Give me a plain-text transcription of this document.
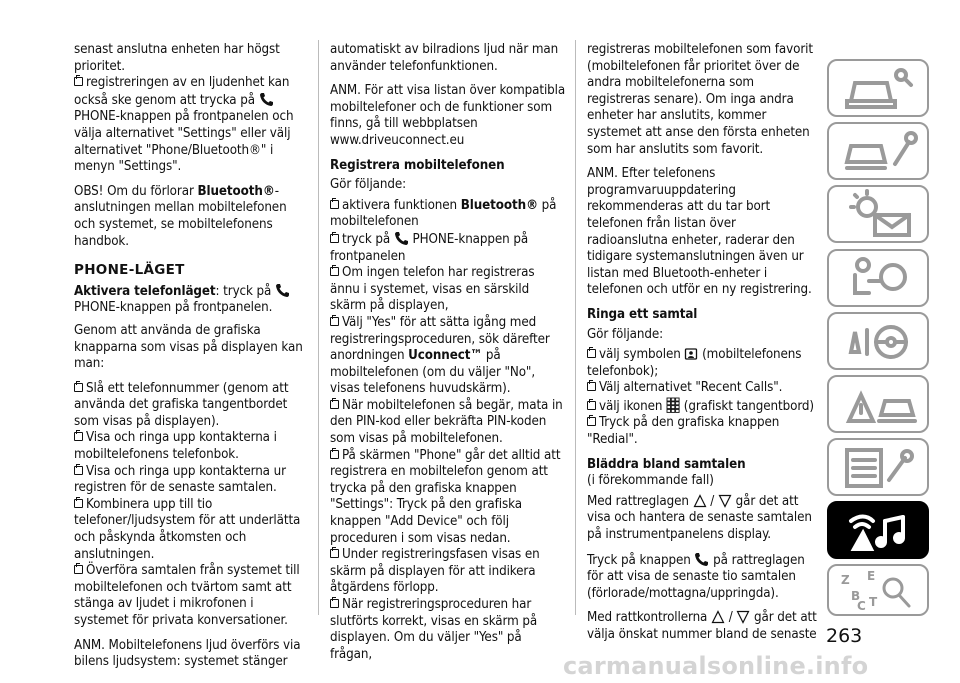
senast anslutna enheten har högst prioritet.

registreringen av en ljudenhet kan också ske genom att trycka på  PHONE-knappen på frontpanelen och välja alternativet "Settings" eller välj alternativet "Phone/Bluetooth®" i menyn "Settings".

OBS! Om du förlorar Bluetooth®-anslutningen mellan mobiltelefonen och systemet, se mobiltelefonens handbok.

PHONE-LÄGET

Aktivera telefonläget: tryck på  PHONE-knappen på frontpanelen.

Genom att använda de grafiska knapparna som visas på displayen kan man:

Slå ett telefonnummer (genom att använda det grafiska tangentbordet som visas på displayen).
Visa och ringa upp kontakterna i mobiltelefonens telefonbok.
Visa och ringa upp kontakterna ur registren för de senaste samtalen.
Kombinera upp till tio telefoner/ljudsystem för att underlätta och påskynda åtkomsten och anslutningen.
Överföra samtalen från systemet till mobiltelefonen och tvärtom samt att stänga av ljudet i mikrofonen i systemet för privata konversationer.

ANM. Mobiltelefonens ljud överförs via bilens ljudsystem: systemet stänger

automatiskt av bilradions ljud när man använder telefonfunktionen.

ANM. För att visa listan över kompatibla mobiltelefoner och de funktioner som finns, gå till webbplatsen www.driveuconnect.eu

Registrera mobiltelefonen

Gör följande:

aktivera funktionen Bluetooth® på mobiltelefonen
tryck på PHONE-knappen på frontpanelen
Om ingen telefon har registreras ännu i systemet, visas en särskild skärm på displayen,
Välj "Yes" för att sätta igång med registreringsproceduren, sök därefter anordningen Uconnect™ på mobiltelefonen (om du väljer "No", visas telefonens huvudskärm).
När mobiltelefonen så begär, mata in den PIN-kod eller bekräfta PIN-koden som visas på mobiltelefonen.
På skärmen "Phone" går det alltid att registrera en mobiltelefon genom att trycka på den grafiska knappen "Settings": Tryck på den grafiska knappen "Add Device" och följ proceduren i som visas nedan.
Under registreringsfasen visas en skärm på displayen för att indikera åtgärdens förlopp.
När registreringsproceduren har slutförts korrekt, visas en skärm på displayen. Om du väljer "Yes" på frågan,

registreras mobiltelefonen som favorit (mobiltelefonen får prioritet över de andra mobiltelefonerna som registreras senare). Om inga andra enheter har anslutits, kommer systemet att anse den första enheten som har anslutits som favorit.

ANM. Efter telefonens programvaruuppdatering rekommenderas att du tar bort telefonen från listan över radioanslutna enheter, raderar den tidigare systemanslutningen även ur listan med Bluetooth-enheter i telefonen och utför en ny registrering.

Ringa ett samtal

Gör följande:

välj symbolen (mobiltelefonens telefonbok);
Välj alternativet "Recent Calls".
välj ikonen (grafiskt tangentbord)
Tryck på den grafiska knappen "Redial".
Bläddra bland samtalen

(i förekommande fall)

Med rattreglagen / går det att visa och hantera de senaste samtalen på instrumentpanelens display.

Tryck på knappen på rattreglagen för att visa de senaste tio samtalen (förlorade/mottagna/uppringda).

Med rattkontrollerna / går det att välja önskat nummer bland de senaste

Z E
B T
C
263
carmanualsonline.info
